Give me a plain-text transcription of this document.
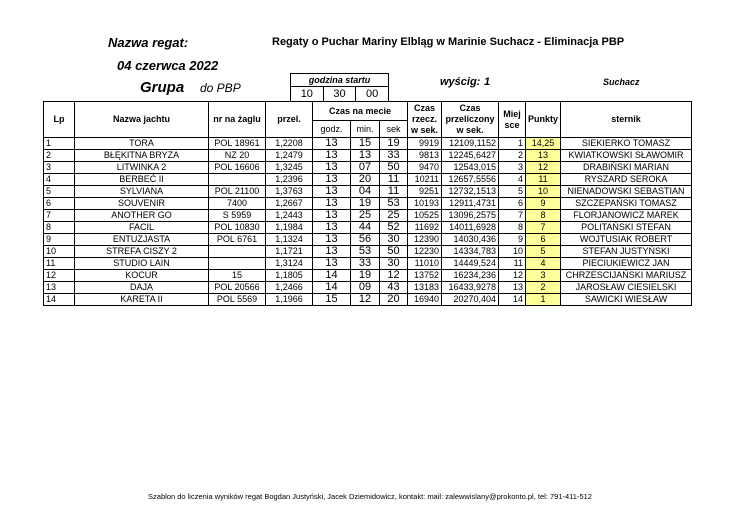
Nazwa regat:	Regaty o Puchar Mariny Elbląg w Marinie Suchacz - Eliminacja PBP
04 czerwca 2022
Grupa do PBP
godzina startu
10	30	00
wyścig: 1	Suchacz
Lp	Nazwa jachtu	nr na żaglu	przel.	Czas na mecie			Czas rzecz. w sek.	Czas przeliczony w sek.	Miej sce	Punkty	sternik
				godz.	min.	sek					
1	TORA	POL 18961	1,2208	13	15	19	9919	12109,1152	1	14,25	SIEKIERKO TOMASZ
2	BŁĘKITNA BRYZA	NZ 20	1,2479	13	13	33	9813	12245,6427	2	13	KWIATKOWSKI SŁAWOMIR
3	LITWINKA 2	POL 16606	1,3245	13	07	50	9470	12543,015	3	12	DRABIŃSKI MARIAN
4	BERBEĆ II		1,2396	13	20	11	10211	12657,5556	4	11	RYSZARD SEROKA
5	SYLVIANA	POL 21100	1,3763	13	04	11	9251	12732,1513	5	10	NIENADOWSKI SEBASTIAN
6	SOUVENIR	7400	1,2667	13	19	53	10193	12911,4731	6	9	SZCZEPAŃSKI TOMASZ
7	ANOTHER GO	S 5959	1,2443	13	25	25	10525	13096,2575	7	8	FLORJANOWICZ MAREK
8	FACIL	POL 10830	1,1984	13	44	52	11692	14011,6928	8	7	POLITAŃSKI STEFAN
9	ENTUZJASTA	POL 6761	1,1324	13	56	30	12390	14030,436	9	6	WOJTUSIAK ROBERT
10	STREFA CISZY 2		1,1721	13	53	50	12230	14334,783	10	5	STEFAN JUSTYŃSKI
11	STUDIO LAIN		1,3124	13	33	30	11010	14449,524	11	4	PIECIUKIEWICZ JAN
12	KOCUR	15	1,1805	14	19	12	13752	16234,236	12	3	CHRZESCIJAŃSKI MARIUSZ
13	DAJA	POL 20566	1,2466	14	09	43	13183	16433,9278	13	2	JAROSŁAW CIESIELSKI
14	KARETA II	POL 5569	1,1966	15	12	20	16940	20270,404	14	1	SAWICKI WIESŁAW
Szablon do liczenia wyników regat Bogdan Justyński, Jacek Dziemidowicz, kontakt: mail: zalewwislany@prokonto.pl, tel: 791-411-512
